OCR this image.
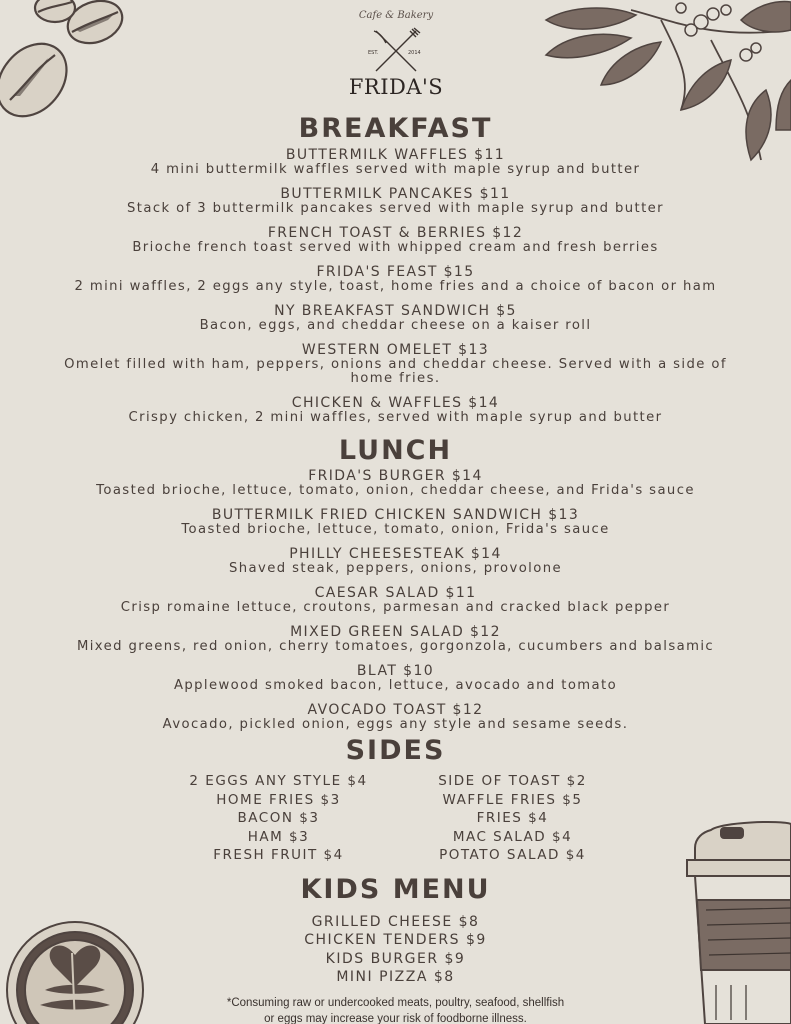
Cafe & Bakery
EST.	2014
FRIDA'S
BREAKFAST
BUTTERMILK WAFFLES $11
4 mini buttermilk waffles served with maple syrup and butter
BUTTERMILK PANCAKES $11
Stack of 3 buttermilk pancakes served with maple syrup and butter
FRENCH TOAST & BERRIES $12
Brioche french toast served with whipped cream and fresh berries
FRIDA'S FEAST $15
2 mini waffles, 2 eggs any style, toast, home fries and a choice of bacon or ham
NY BREAKFAST SANDWICH $5
Bacon, eggs, and cheddar cheese on a kaiser roll
WESTERN OMELET $13
Omelet filled with ham, peppers, onions and cheddar cheese. Served with a side of home fries.
CHICKEN & WAFFLES $14
Crispy chicken, 2 mini waffles, served with maple syrup and butter
LUNCH
FRIDA'S BURGER $14
Toasted brioche, lettuce, tomato, onion, cheddar cheese, and Frida's sauce
BUTTERMILK FRIED CHICKEN SANDWICH $13
Toasted brioche, lettuce, tomato, onion, Frida's sauce
PHILLY CHEESESTEAK $14
Shaved steak, peppers, onions, provolone
CAESAR SALAD $11
Crisp romaine lettuce, croutons, parmesan and cracked black pepper
MIXED GREEN SALAD $12
Mixed greens, red onion, cherry tomatoes, gorgonzola, cucumbers and balsamic
BLAT $10
Applewood smoked bacon, lettuce, avocado and tomato
AVOCADO TOAST $12
Avocado, pickled onion, eggs any style and sesame seeds.
SIDES
2 EGGS ANY STYLE $4
HOME FRIES $3
BACON $3
HAM $3
FRESH FRUIT $4
SIDE OF TOAST $2
WAFFLE FRIES $5
FRIES $4
MAC SALAD $4
POTATO SALAD $4
KIDS MENU
GRILLED CHEESE $8
CHICKEN TENDERS $9
KIDS BURGER $9
MINI PIZZA $8
*Consuming raw or undercooked meats, poultry, seafood, shellfish
or eggs may increase your risk of foodborne illness.
